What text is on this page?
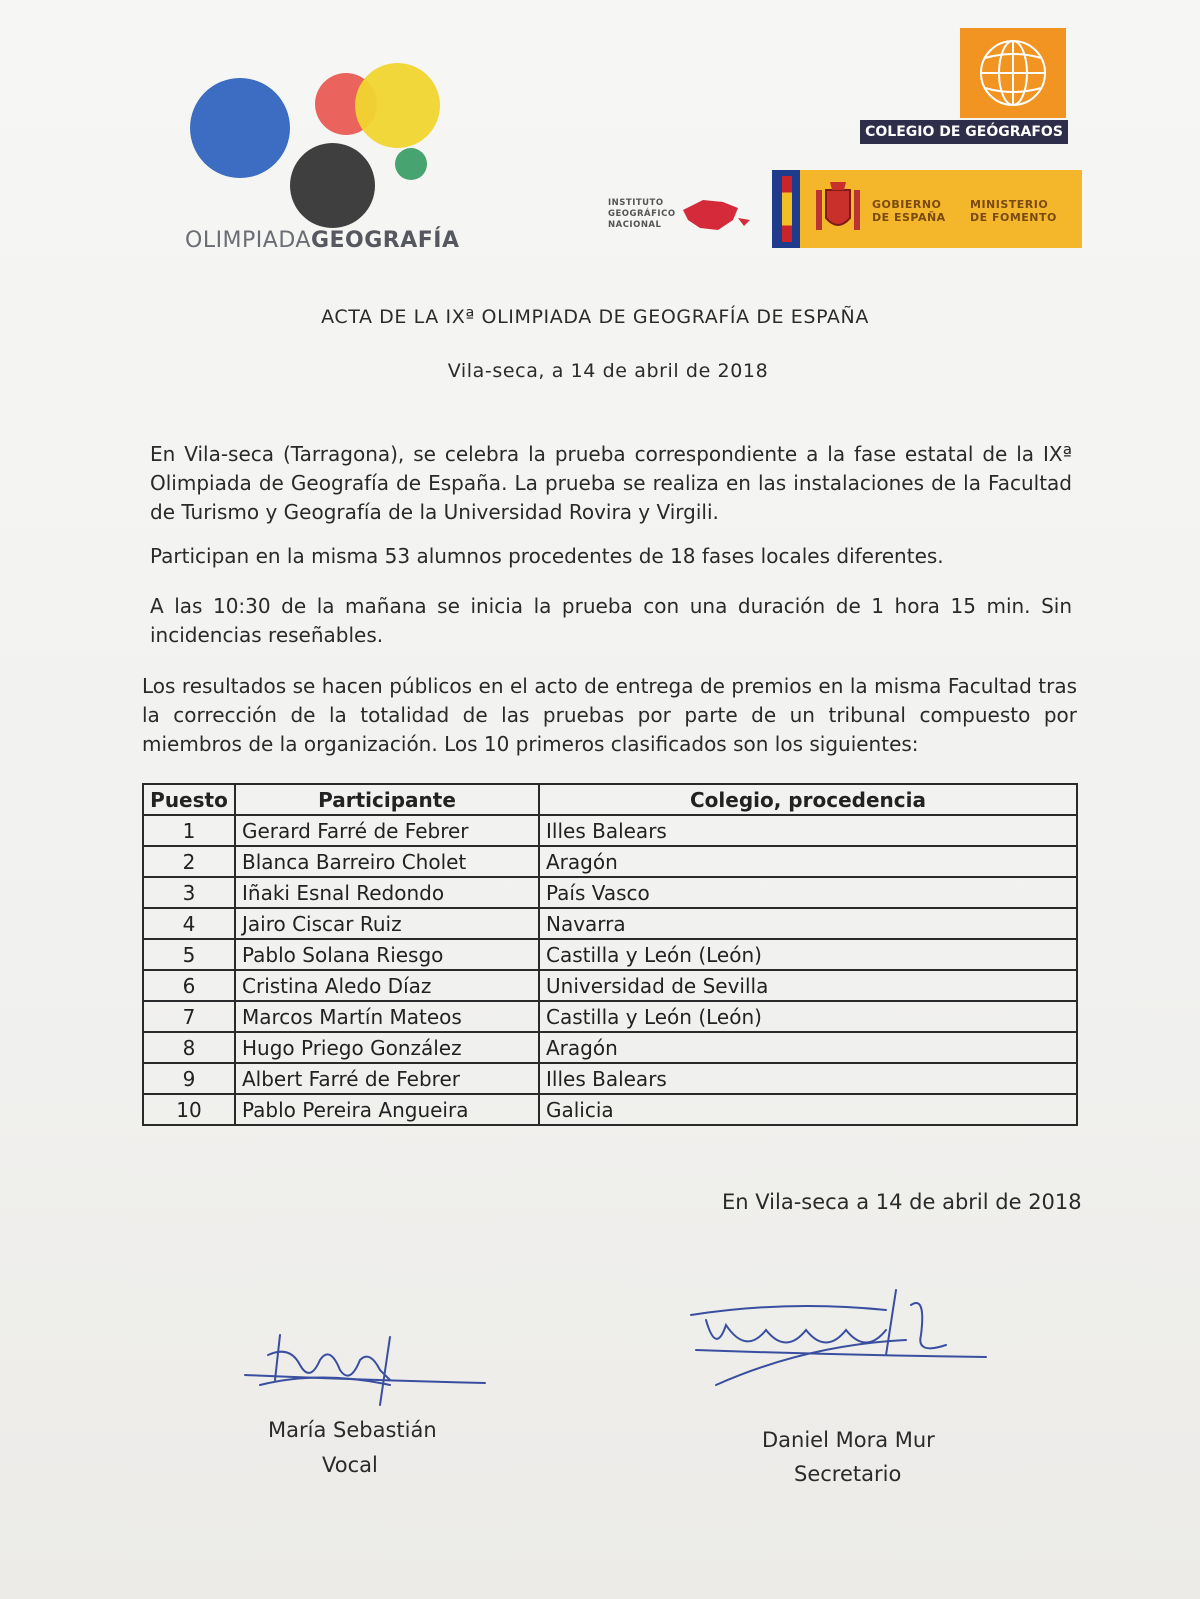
OLIMPIADAGEOGRAFÍA
COLEGIO DE GEÓGRAFOS
INSTITUTO
GEOGRÁFICO
NACIONAL
GOBIERNO
DE ESPAÑA
MINISTERIO
DE FOMENTO
ACTA DE LA IXª OLIMPIADA DE GEOGRAFÍA DE ESPAÑA
Vila-seca, a 14 de abril de 2018
En Vila-seca (Tarragona), se celebra la prueba correspondiente a la fase estatal de la IXª Olimpiada de Geografía de España. La prueba se realiza en las instalaciones de la Facultad de Turismo y Geografía de la Universidad Rovira y Virgili.
Participan en la misma 53 alumnos procedentes de 18 fases locales diferentes.
A las 10:30 de la mañana se inicia la prueba con una duración de 1 hora 15 min. Sin incidencias reseñables.
Los resultados se hacen públicos en el acto de entrega de premios en la misma Facultad tras la corrección de la totalidad de las pruebas por parte de un tribunal compuesto por miembros de la organización. Los 10 primeros clasificados son los siguientes:
Puesto	Participante	Colegio, procedencia
1	Gerard Farré de Febrer	Illes Balears
2	Blanca Barreiro Cholet	Aragón
3	Iñaki Esnal Redondo	País Vasco
4	Jairo Ciscar Ruiz	Navarra
5	Pablo Solana Riesgo	Castilla y León (León)
6	Cristina Aledo Díaz	Universidad de Sevilla
7	Marcos Martín Mateos	Castilla y León (León)
8	Hugo Priego González	Aragón
9	Albert Farré de Febrer	Illes Balears
10	Pablo Pereira Angueira	Galicia
En Vila-seca a 14 de abril de 2018
María Sebastián
Vocal
Daniel Mora Mur
Secretario
